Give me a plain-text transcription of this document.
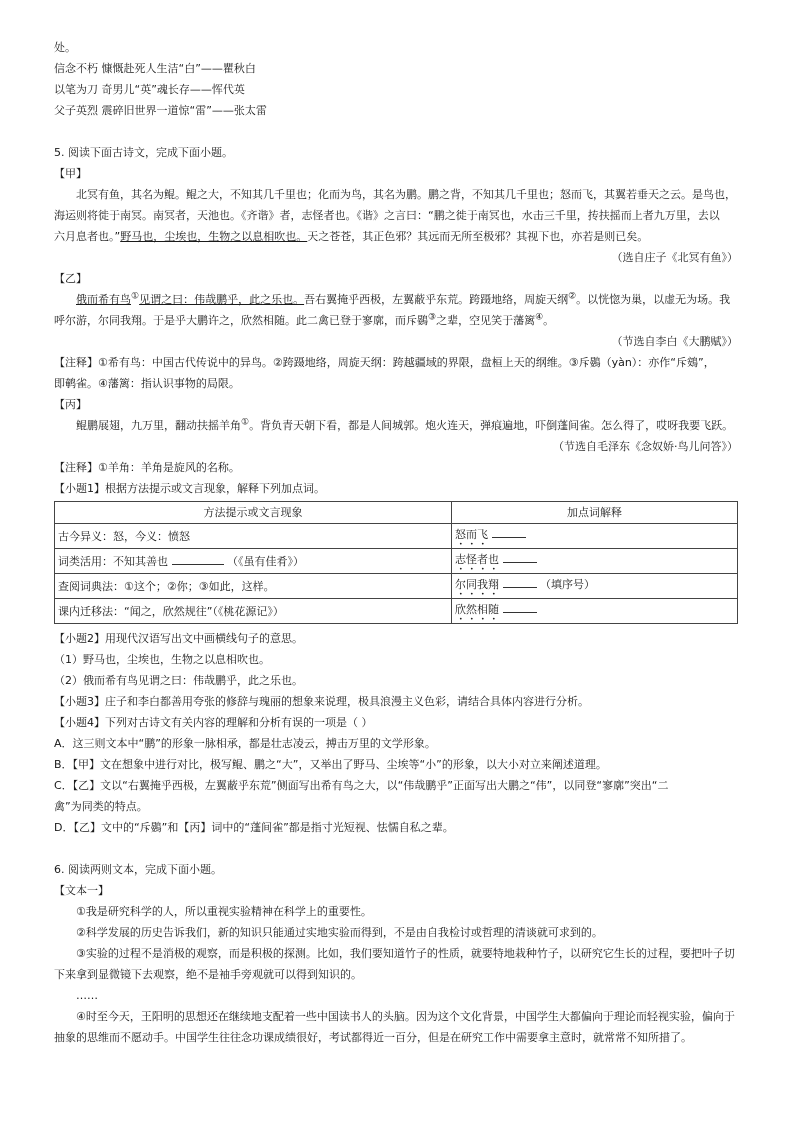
处。
信念不朽 慷慨赴死人生洁“白”——瞿秋白
以笔为刀 奇男儿“英”魂长存——恽代英
父子英烈 震碎旧世界一道惊“雷”——张太雷
5. 阅读下面古诗文，完成下面小题。
【甲】
北冥有鱼，其名为鲲。鲲之大，不知其几千里也；化而为鸟，其名为鹏。鹏之背，不知其几千里也；怒而飞，其翼若垂天之云。是鸟也，
海运则将徙于南冥。南冥者，天池也。《齐谐》者，志怪者也。《谐》之言曰：“鹏之徙于南冥也，水击三千里，抟扶摇而上者九万里，去以
六月息者也。”野马也，尘埃也，生物之以息相吹也。天之苍苍，其正色邪？其远而无所至极邪？其视下也，亦若是则已矣。
（选自庄子《北冥有鱼》）
【乙】
俄而希有鸟①见谓之曰：伟哉鹏乎，此之乐也。吾右翼掩乎西极，左翼蔽乎东荒。跨蹑地络，周旋天纲②。以恍惚为巢，以虚无为场。我
呼尔游，尔同我翔。于是乎大鹏许之，欣然相随。此二禽已登于寥廓，而斥鷃③之辈，空见笑于藩篱④。
（节选自李白《大鹏赋》）
【注释】①希有鸟：中国古代传说中的异鸟。②跨蹑地络，周旋天纲：跨越疆域的界限，盘桓上天的纲维。③斥鷃（yàn）：亦作“斥鴳”，
即鹌雀。④藩篱：指认识事物的局限。
【丙】
鲲鹏展翅，九万里，翻动扶摇羊角①。背负青天朝下看，都是人间城郭。炮火连天，弹痕遍地，吓倒蓬间雀。怎么得了，哎呀我要飞跃。
（节选自毛泽东《念奴娇·鸟儿问答》）
【注释】①羊角：羊角是旋风的名称。
【小题1】根据方法提示或文言现象，解释下列加点词。
方法提示或文言现象	加点词解释
古今异义：怒，今义：愤怒	怒而飞
词类活用：不知其善也 （《虽有佳肴》）	志怪者也
查阅词典法：①这个；②你；③如此，这样。	尔同我翔 （填序号）
课内迁移法：“闻之，欣然规往”（《桃花源记》）	欣然相随
【小题2】用现代汉语写出文中画横线句子的意思。
（1）野马也，尘埃也，生物之以息相吹也。
（2）俄而希有鸟见谓之曰：伟哉鹏乎，此之乐也。
【小题3】庄子和李白都善用夸张的修辞与瑰丽的想象来说理，极具浪漫主义色彩，请结合具体内容进行分析。
【小题4】下列对古诗文有关内容的理解和分析有误的一项是（ ）
A．这三则文本中“鹏”的形象一脉相承，都是壮志凌云，搏击万里的文学形象。
B．【甲】文在想象中进行对比，极写鲲、鹏之“大”，又举出了野马、尘埃等“小”的形象，以大小对立来阐述道理。
C．【乙】文以“右翼掩乎西极，左翼蔽乎东荒”侧面写出希有鸟之大，以“伟哉鹏乎”正面写出大鹏之“伟”，以同登“寥廓”突出“二
禽”为同类的特点。
D．【乙】文中的“斥鷃”和【丙】词中的“蓬间雀”都是指寸光短视、怯懦自私之辈。
6. 阅读两则文本，完成下面小题。
【文本一】
①我是研究科学的人，所以重视实验精神在科学上的重要性。
②科学发展的历史告诉我们，新的知识只能通过实地实验而得到，不是由自我检讨或哲理的清谈就可求到的。
③实验的过程不是消极的观察，而是积极的探测。比如，我们要知道竹子的性质，就要特地栽种竹子，以研究它生长的过程，要把叶子切
下来拿到显微镜下去观察，绝不是袖手旁观就可以得到知识的。
……
④时至今天，王阳明的思想还在继续地支配着一些中国读书人的头脑。因为这个文化背景，中国学生大都偏向于理论而轻视实验，偏向于
抽象的思维而不愿动手。中国学生往往念功课成绩很好，考试都得近一百分，但是在研究工作中需要拿主意时，就常常不知所措了。
